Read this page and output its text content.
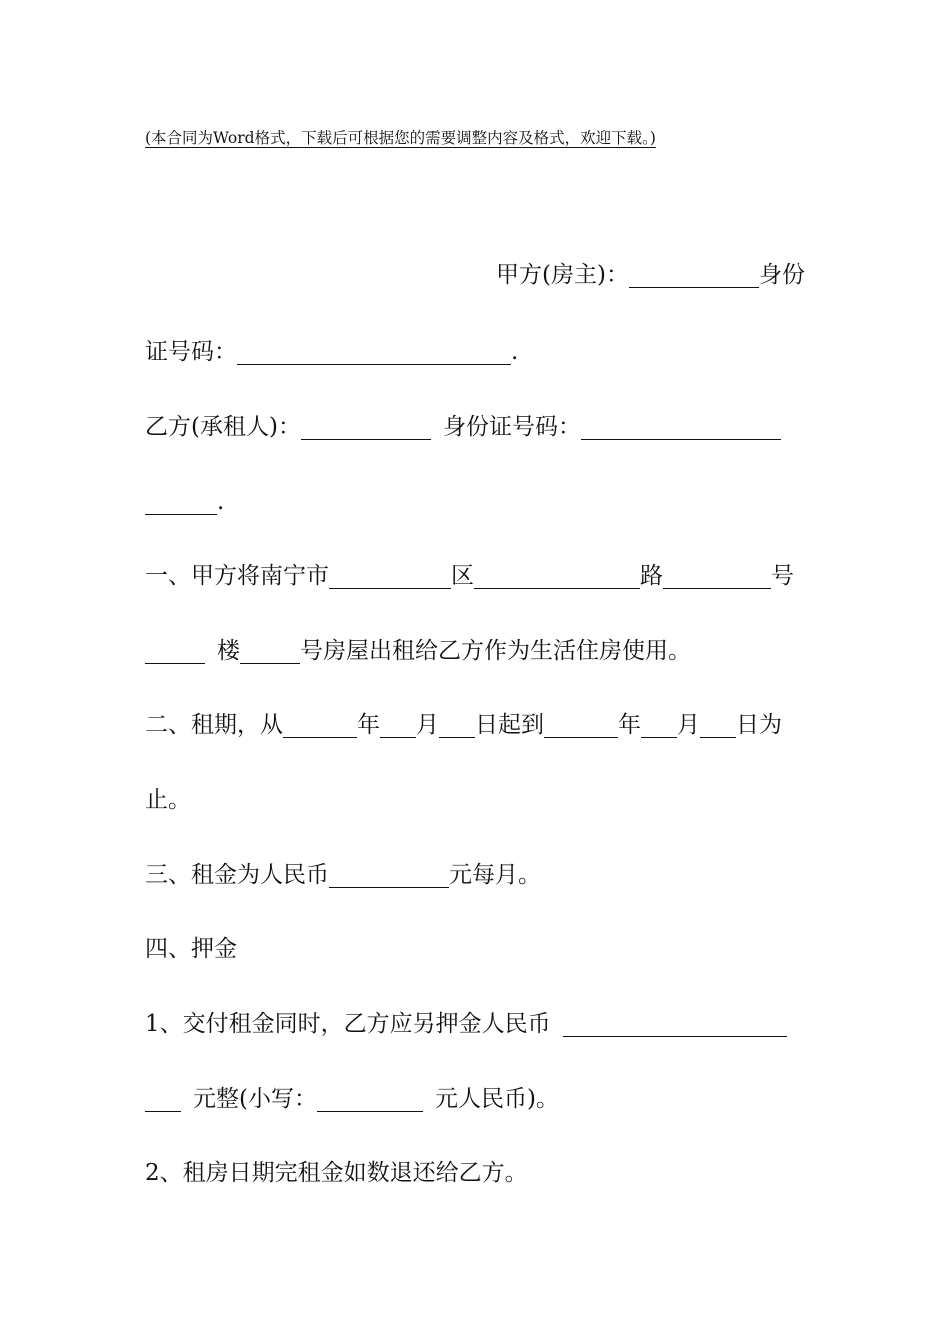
(本合同为Word格式，下载后可根据您的需要调整内容及格式，欢迎下载。)
甲方(房主)：	身份
证号码：	.
乙方(承租人)：	身份证号码：
.
一、甲方将南宁市	区	路	号
楼	号房屋出租给乙方作为生活住房使用。
二、租期，从	年 月 日起到	年 月 日为
止。
三、租金为人民币	元每月。
四、押金
1、交付租金同时，乙方应另押金人民币
元整(小写：	元人民币)。
2、租房日期完租金如数退还给乙方。
